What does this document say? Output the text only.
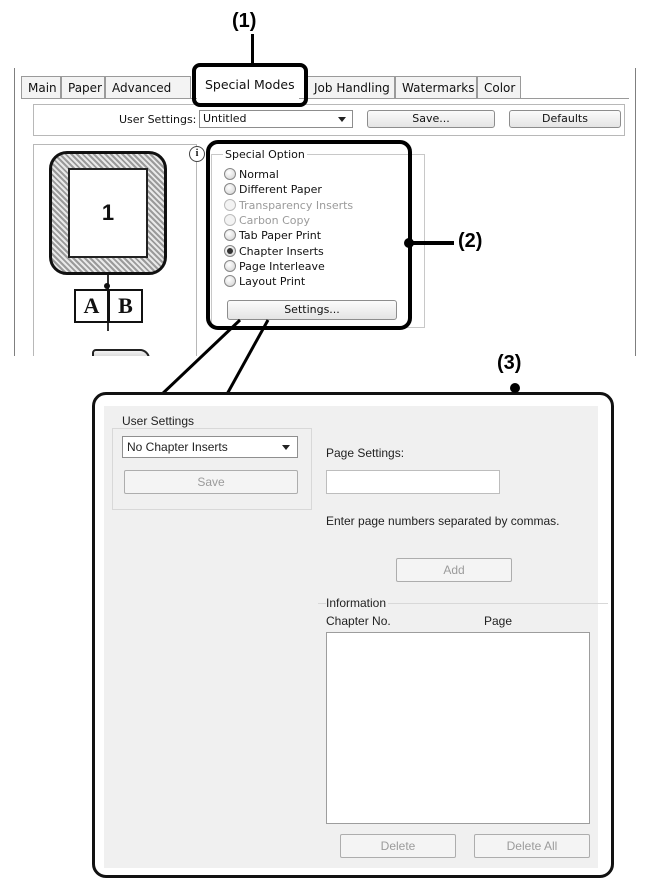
(1)
Main Paper Advanced	Job Handling	Watermarks Color
Special Modes
User Settings: Untitled	Save...	Defaults
1
A B
i	Special Option
Normal
Different Paper
Transparency Inserts
Carbon Copy
Tab Paper Print
Chapter Inserts
Page Interleave
Layout Print
Settings...
(2)
(3)
User Settings
No Chapter Inserts
Save
Page Settings:
Enter page numbers separated by commas.
Add
Information
Chapter No.	Page
Delete	Delete All
